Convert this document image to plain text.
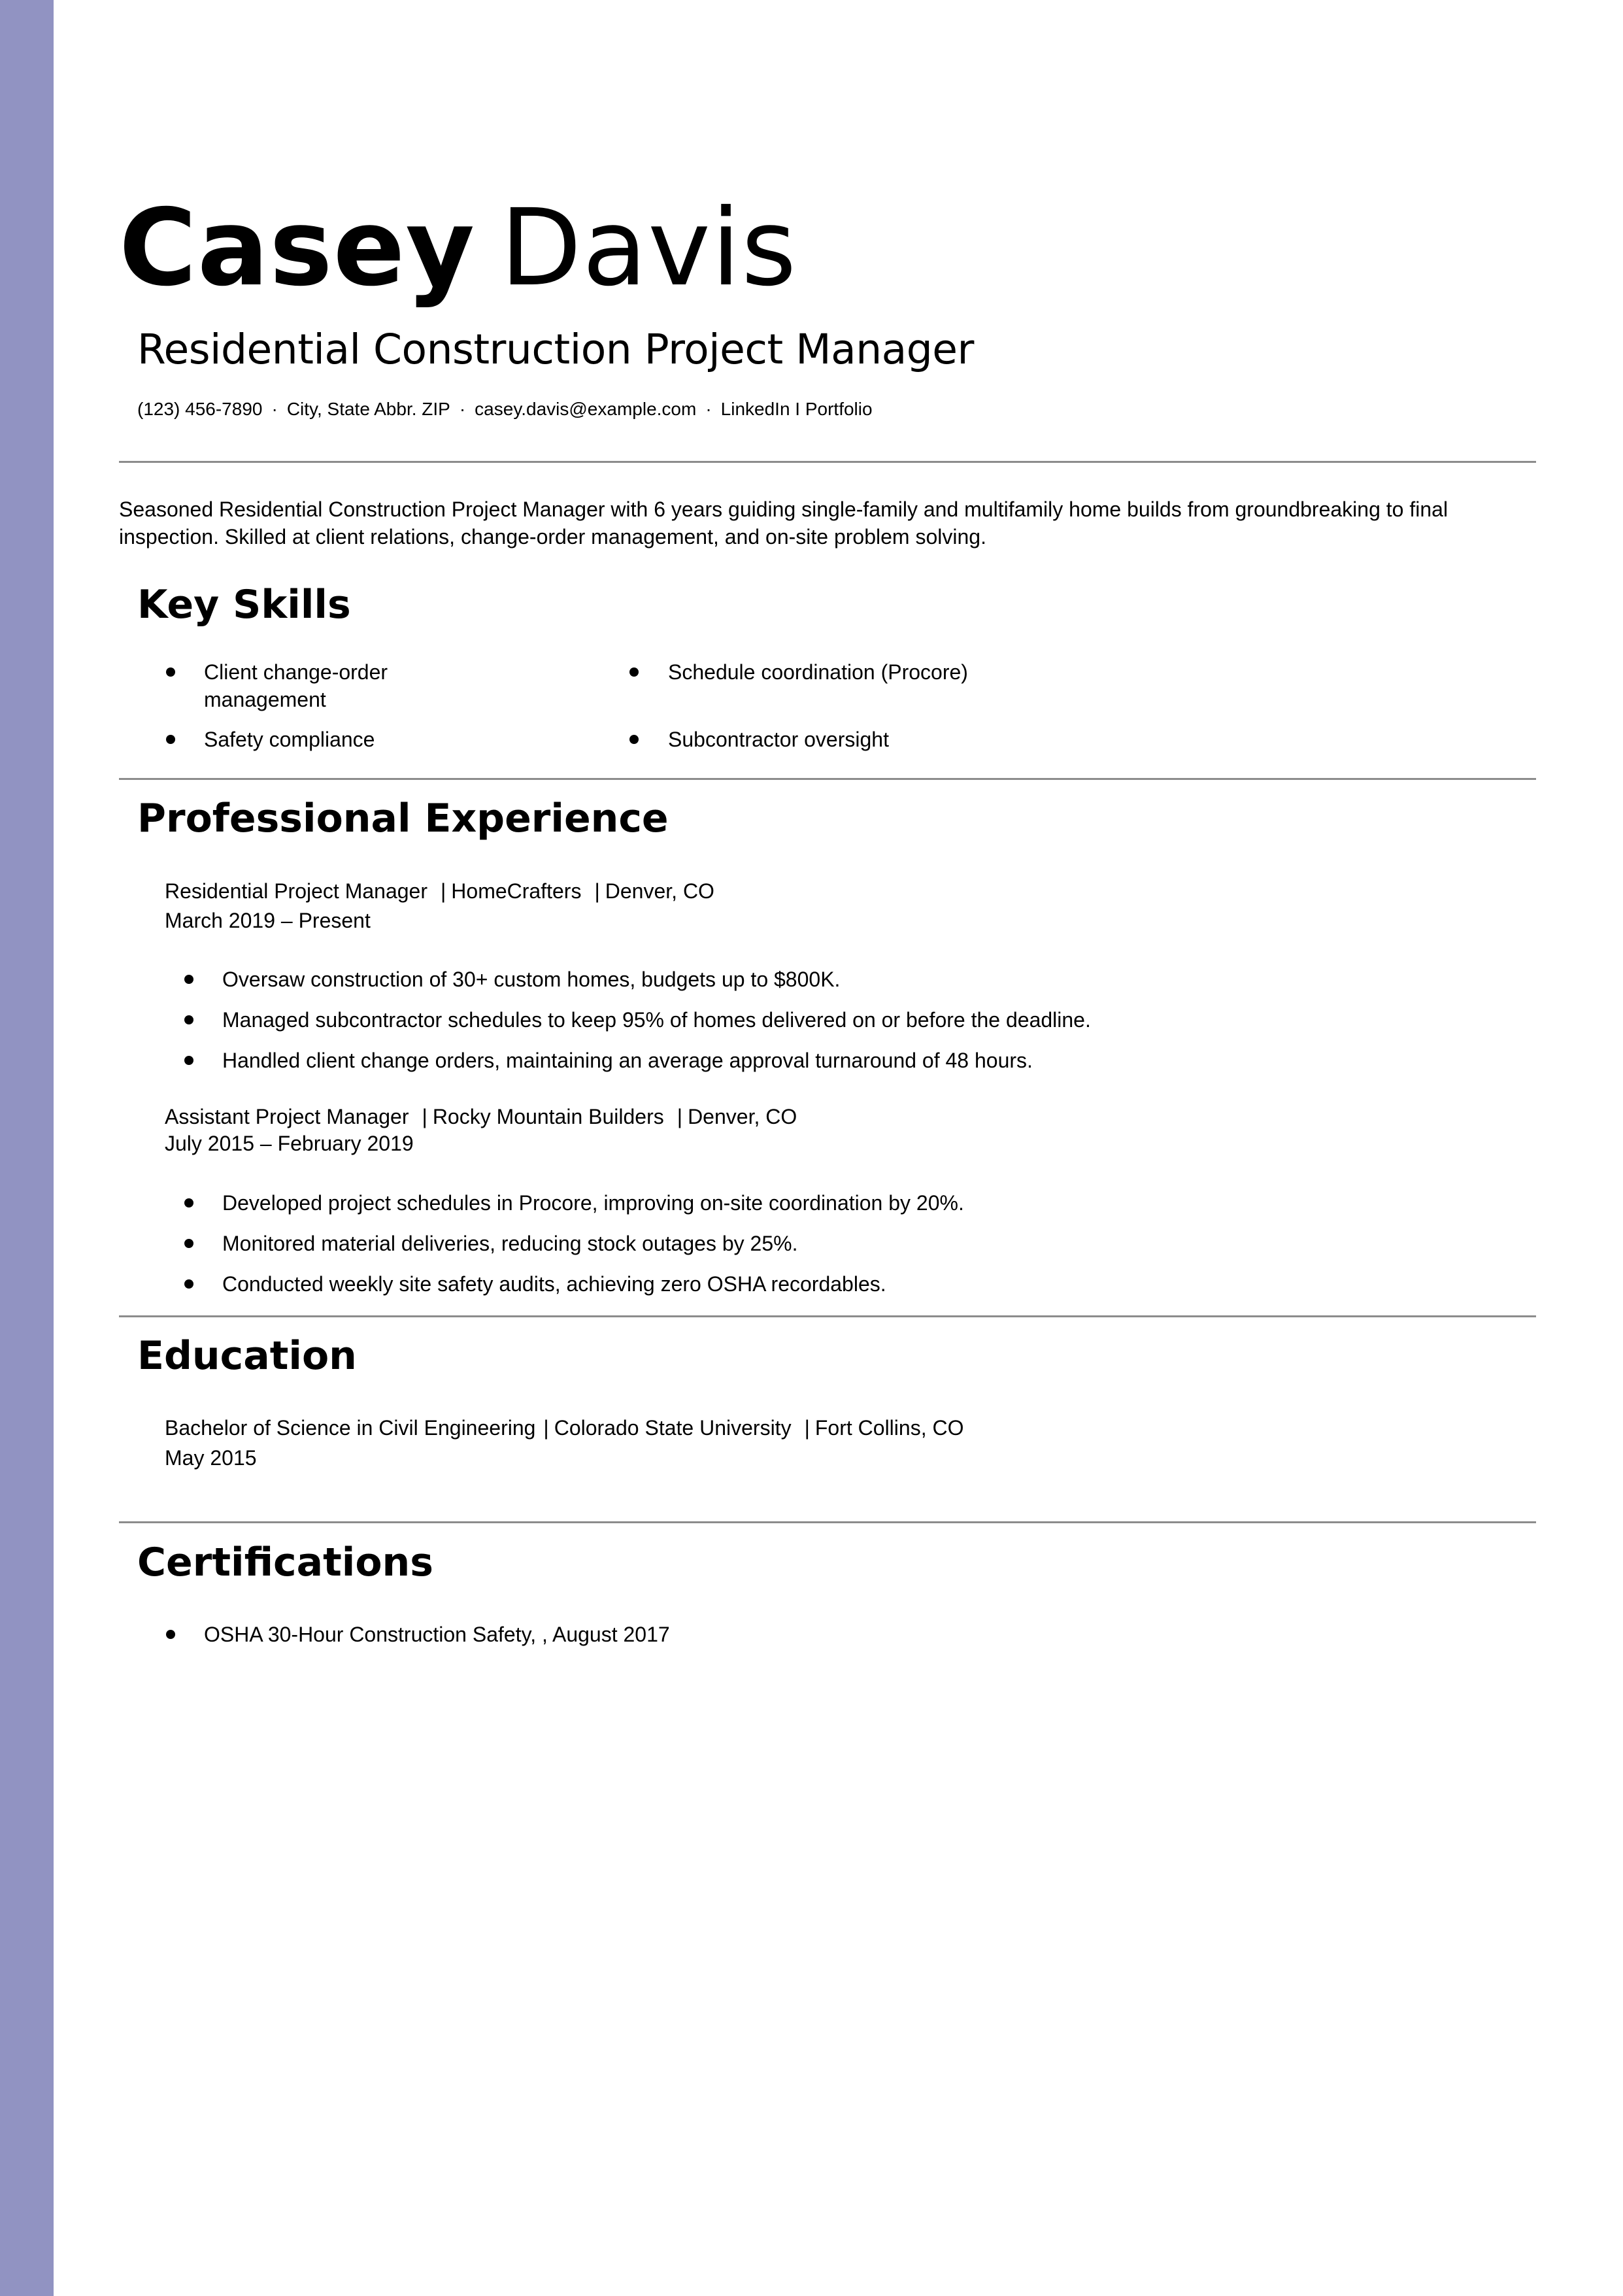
Casey Davis
Residential Construction Project Manager
(123) 456-7890 · City, State Abbr. ZIP · casey.davis@example.com · LinkedIn I Portfolio
Seasoned Residential Construction Project Manager with 6 years guiding single-family and multifamily home builds from groundbreaking to final inspection. Skilled at client relations, change-order management, and on-site problem solving.
Key Skills
Client change-order management
Schedule coordination (Procore)
Safety compliance	Subcontractor oversight
Professional Experience
Residential Project Manager | HomeCrafters | Denver, CO
March 2019 – Present
Oversaw construction of 30+ custom homes, budgets up to $800K.
Managed subcontractor schedules to keep 95% of homes delivered on or before the deadline.
Handled client change orders, maintaining an average approval turnaround of 48 hours.
Assistant Project Manager | Rocky Mountain Builders | Denver, CO
July 2015 – February 2019
Developed project schedules in Procore, improving on-site coordination by 20%.
Monitored material deliveries, reducing stock outages by 25%.
Conducted weekly site safety audits, achieving zero OSHA recordables.
Education
Bachelor of Science in Civil Engineering | Colorado State University | Fort Collins, CO
May 2015
Certifications
OSHA 30-Hour Construction Safety, , August 2017
